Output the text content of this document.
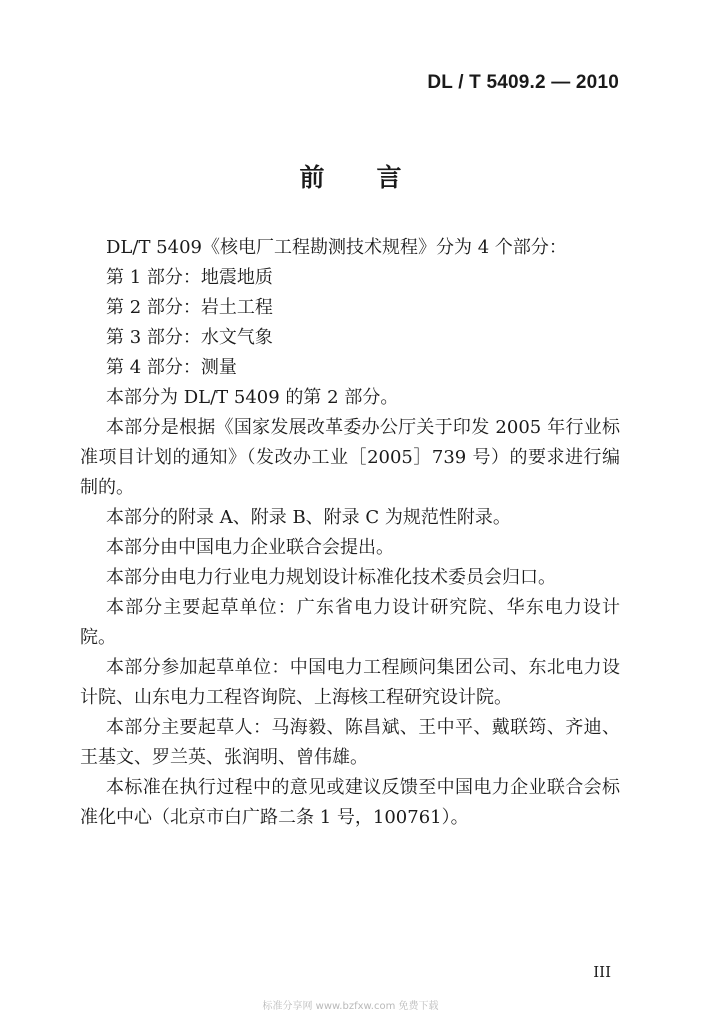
DL / T 5409.2 — 2010
前 言

DL/T 5409《核电厂工程勘测技术规程》分为 4 个部分：

第 1 部分：地震地质

第 2 部分：岩土工程

第 3 部分：水文气象

第 4 部分：测量

本部分为 DL/T 5409 的第 2 部分。

本部分是根据《国家发展改革委办公厅关于印发 2005 年行业标准项目计划的通知》（发改办工业［2005］739 号）的要求进行编制的。

本部分的附录 A、附录 B、附录 C 为规范性附录。

本部分由中国电力企业联合会提出。

本部分由电力行业电力规划设计标准化技术委员会归口。

本部分主要起草单位：广东省电力设计研究院、华东电力设计院。

本部分参加起草单位：中国电力工程顾问集团公司、东北电力设计院、山东电力工程咨询院、上海核工程研究设计院。

本部分主要起草人：马海毅、陈昌斌、王中平、戴联筠、齐迪、王基文、罗兰英、张润明、曾伟雄。

本标准在执行过程中的意见或建议反馈至中国电力企业联合会标准化中心（北京市白广路二条 1 号，100761）。

III
标准分享网 www.bzfxw.com 免费下载
